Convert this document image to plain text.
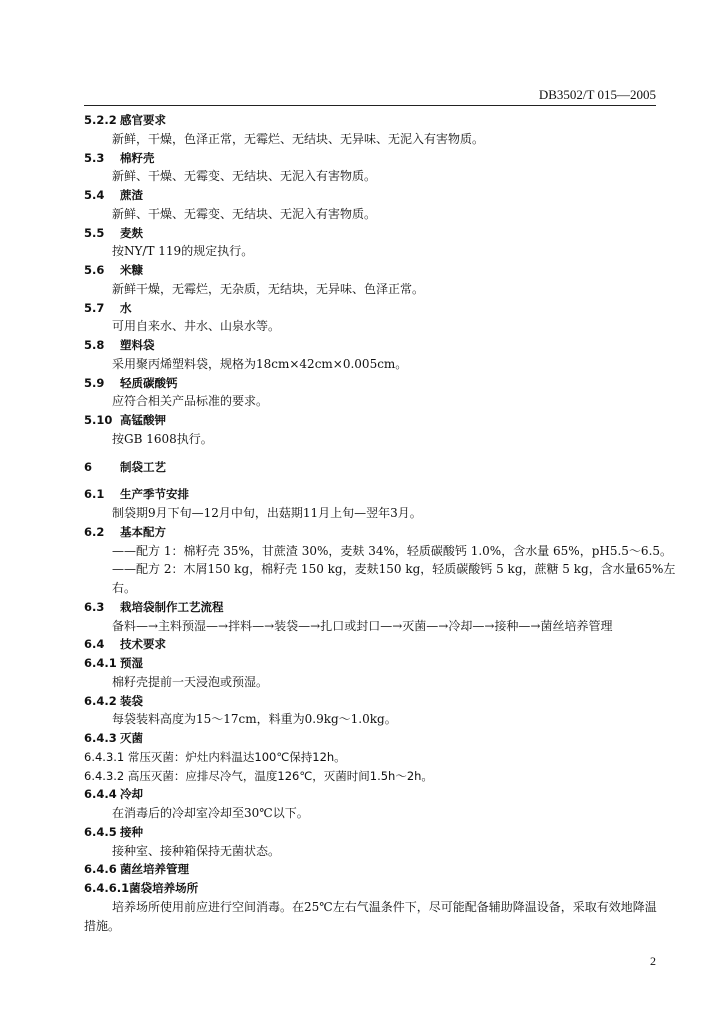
DB3502/T 015—2005
5.2.2 感官要求
新鲜，干燥，色泽正常，无霉烂、无结块、无异味、无泥入有害物质。
5.3 棉籽壳
新鲜、干燥、无霉变、无结块、无泥入有害物质。
5.4 蔗渣
新鲜、干燥、无霉变、无结块、无泥入有害物质。
5.5 麦麸
按NY/T 119的规定执行。
5.6 米糠
新鲜干燥，无霉烂，无杂质，无结块，无异味、色泽正常。
5.7 水
可用自来水、井水、山泉水等。
5.8 塑料袋
采用聚丙烯塑料袋，规格为18cm×42cm×0.005cm。
5.9 轻质碳酸钙
应符合相关产品标准的要求。
5.10 高锰酸钾
按GB 1608执行。
6 制袋工艺
6.1 生产季节安排
制袋期9月下旬—12月中旬，出菇期11月上旬—翌年3月。
6.2 基本配方
——配方 1：棉籽壳 35%，甘蔗渣 30%，麦麸 34%，轻质碳酸钙 1.0%，含水量 65%，pH5.5～6.5。
——配方 2：木屑150 kg，棉籽壳 150 kg，麦麸150 kg，轻质碳酸钙 5 kg，蔗糖 5 kg，含水量65%左
右。
6.3 栽培袋制作工艺流程
备料—→主料预湿—→拌料—→装袋—→扎口或封口—→灭菌—→冷却—→接种—→菌丝培养管理
6.4 技术要求
6.4.1 预湿
棉籽壳提前一天浸泡或预湿。
6.4.2 装袋
每袋装料高度为15～17cm，料重为0.9kg～1.0kg。
6.4.3 灭菌
6.4.3.1 常压灭菌：炉灶内料温达100℃保持12h。
6.4.3.2 高压灭菌：应排尽冷气，温度126℃，灭菌时间1.5h～2h。
6.4.4 冷却
在消毒后的冷却室冷却至30℃以下。
6.4.5 接种
接种室、接种箱保持无菌状态。
6.4.6 菌丝培养管理
6.4.6.1菌袋培养场所
培养场所使用前应进行空间消毒。在25℃左右气温条件下，尽可能配备辅助降温设备，采取有效地降温措施。
2
